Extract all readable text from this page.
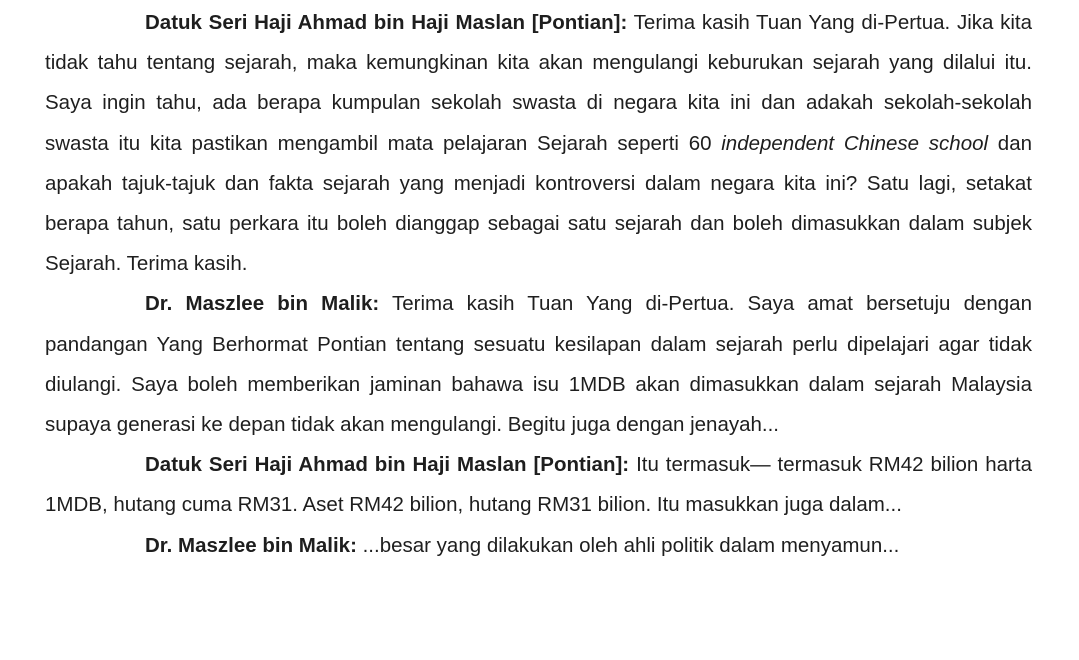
Datuk Seri Haji Ahmad bin Haji Maslan [Pontian]: Terima kasih Tuan Yang di-Pertua. Jika kita tidak tahu tentang sejarah, maka kemungkinan kita akan mengulangi keburukan sejarah yang dilalui itu. Saya ingin tahu, ada berapa kumpulan sekolah swasta di negara kita ini dan adakah sekolah-sekolah swasta itu kita pastikan mengambil mata pelajaran Sejarah seperti 60 independent Chinese school dan apakah tajuk-tajuk dan fakta sejarah yang menjadi kontroversi dalam negara kita ini? Satu lagi, setakat berapa tahun, satu perkara itu boleh dianggap sebagai satu sejarah dan boleh dimasukkan dalam subjek Sejarah. Terima kasih.

Dr. Maszlee bin Malik: Terima kasih Tuan Yang di-Pertua. Saya amat bersetuju dengan pandangan Yang Berhormat Pontian tentang sesuatu kesilapan dalam sejarah perlu dipelajari agar tidak diulangi. Saya boleh memberikan jaminan bahawa isu 1MDB akan dimasukkan dalam sejarah Malaysia supaya generasi ke depan tidak akan mengulangi. Begitu juga dengan jenayah...

Datuk Seri Haji Ahmad bin Haji Maslan [Pontian]: Itu termasuk— termasuk RM42 bilion harta 1MDB, hutang cuma RM31. Aset RM42 bilion, hutang RM31 bilion. Itu masukkan juga dalam...

Dr. Maszlee bin Malik: ...besar yang dilakukan oleh ahli politik dalam menyamun...
